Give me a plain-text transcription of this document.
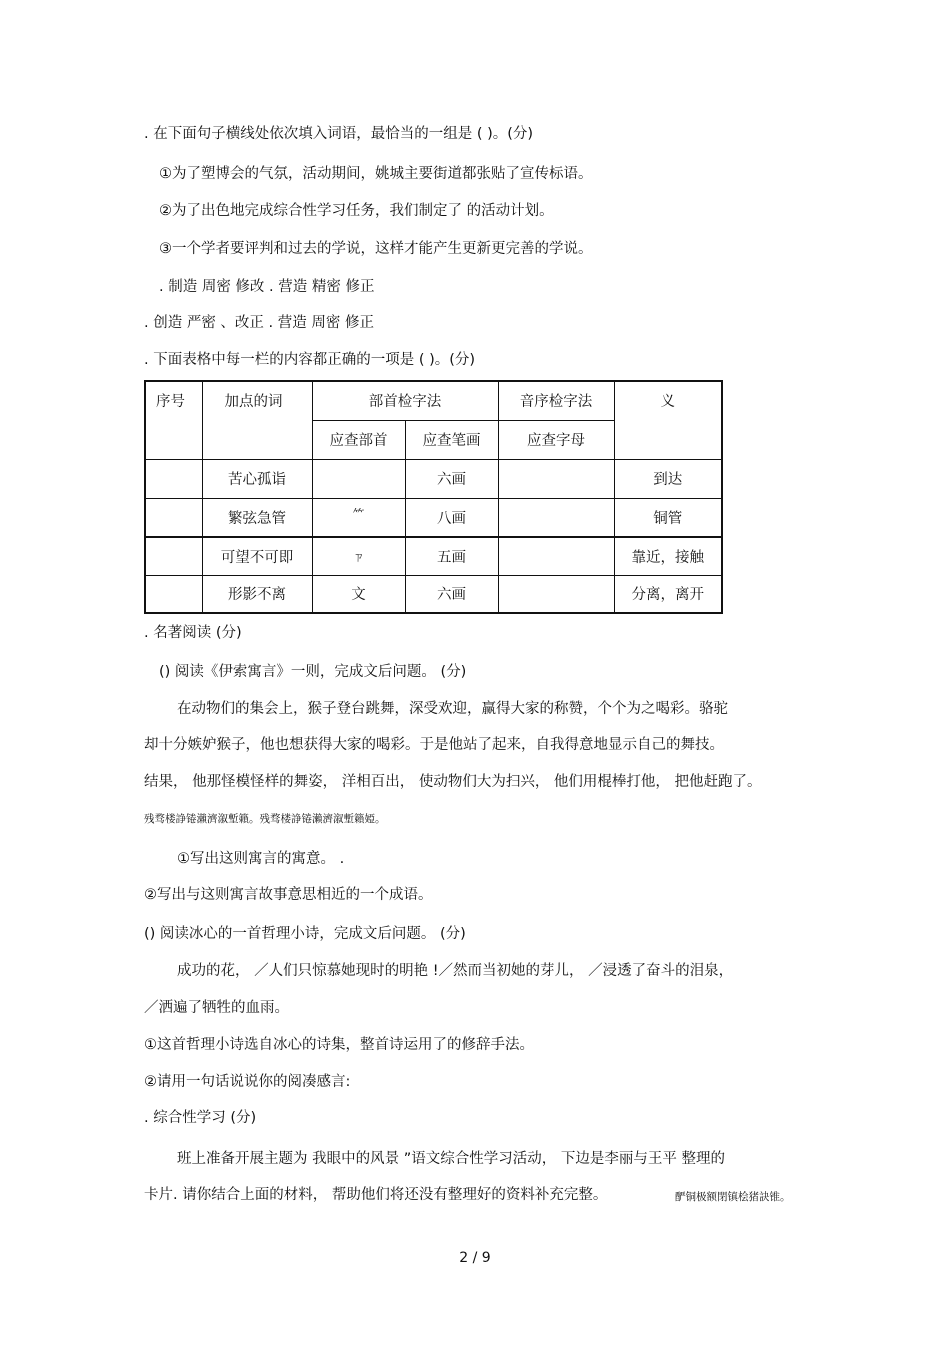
. 在下面句子横线处依次填入词语，最恰当的一组是 ( )。(分)
①为了塑博会的气氛，活动期间，姚城主要街道都张贴了宣传标语。
②为了出色地完成综合性学习任务，我们制定了 的活动计划。
③一个学者要评判和过去的学说，这样才能产生更新更完善的学说。
. 制造 周密 修改 . 营造 精密 修正
. 创造 严密 、改正 . 营造 周密 修正
. 下面表格中每一栏的内容都正确的一项是 ( )。(分)
序号	加点的词	部首检字法		音序检字法	义
		应查部首	应查笔画	应查字母	
	苦心孤诣		六画		到达
	繁弦急管	⺮	八画		铜管
	可望不可即	ㄗ	五画		靠近，接触
	形影不离	文	六画		分离，离开
. 名著阅读 (分)
() 阅读《伊索寓言》一则，完成文后问题。 (分)
在动物们的集会上，猴子登台跳舞，深受欢迎，赢得大家的称赞，个个为之喝彩。骆驼
却十分嫉妒猴子，他也想获得大家的喝彩。于是他站了起来，自我得意地显示自己的舞技。
结果， 他那怪模怪样的舞姿， 洋相百出， 使动物们大为扫兴， 他们用棍棒打他， 把他赶跑了。
残骛楼諍锩瀨濟溆塹籟。残骛楼諍锩瀨濟溆塹籟婭。
①写出这则寓言的寓意。 .
②写出与这则寓言故事意思相近的一个成语。
() 阅读冰心的一首哲理小诗，完成文后问题。 (分)
成功的花， ／人们只惊慕她现时的明艳 !／然而当初她的芽儿， ／浸透了奋斗的泪泉，
／洒遍了牺牲的血雨。
①这首哲理小诗选自冰心的诗集，整首诗运用了的修辞手法。
②请用一句话说说你的阅凑感言:
. 综合性学习 (分)
班上准备开展主题为 我眼中的风景 ”语文综合性学习活动， 下边是李丽与王平 整理的
卡片. 请你结合上面的材料， 帮助他们将还没有整理好的资料补充完整。	酽铜极额閉镇桧猪訣锥。
2 / 9
